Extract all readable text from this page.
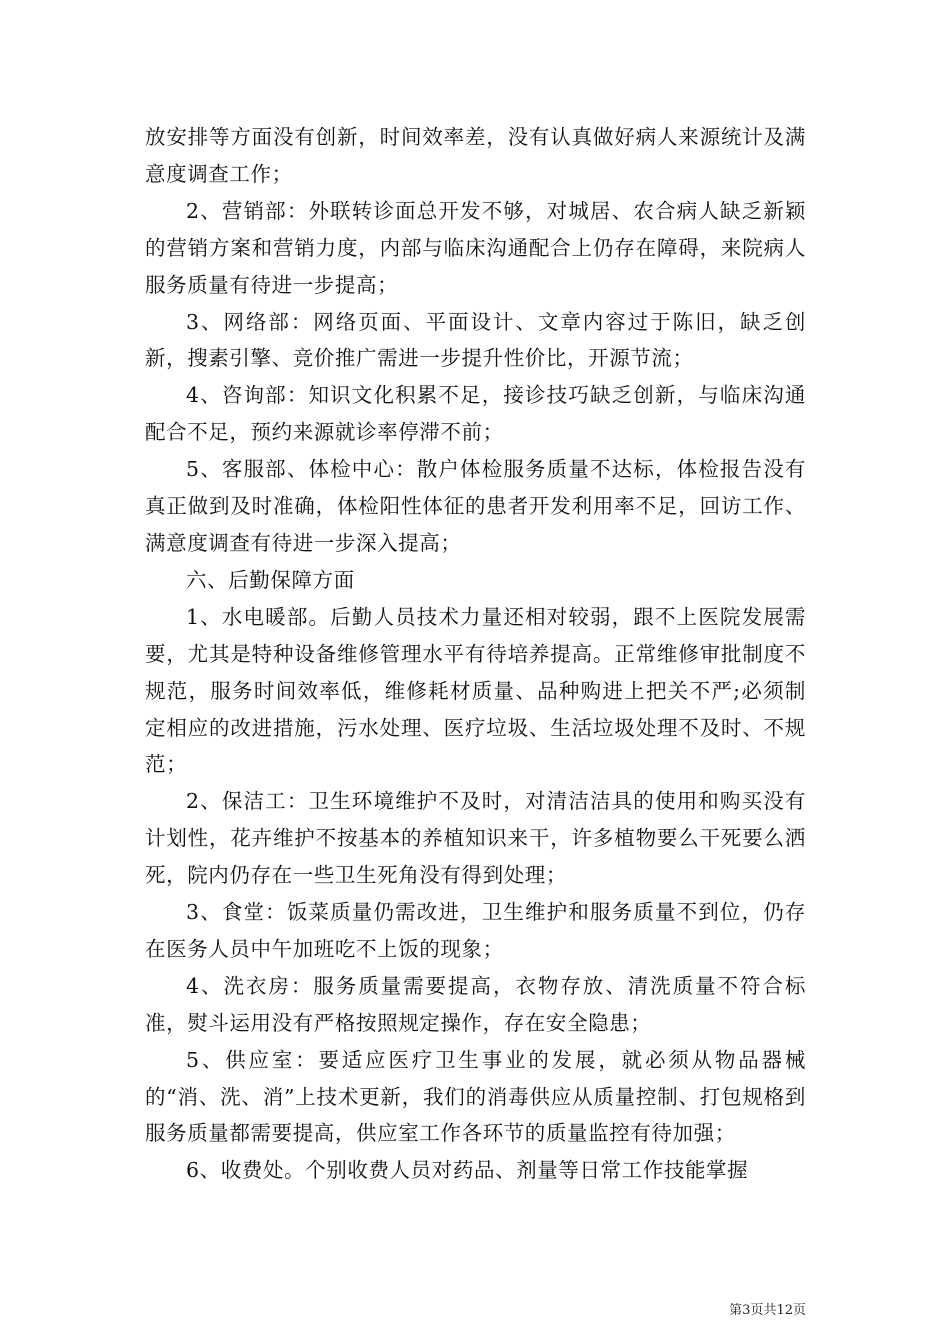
放安排等方面没有创新，时间效率差，没有认真做好病人来源统计及满意度调查工作；

2、营销部：外联转诊面总开发不够，对城居、农合病人缺乏新颖的营销方案和营销力度，内部与临床沟通配合上仍存在障碍，来院病人服务质量有待进一步提高；

3、网络部：网络页面、平面设计、文章内容过于陈旧，缺乏创新，搜素引擎、竞价推广需进一步提升性价比，开源节流；

4、咨询部：知识文化积累不足，接诊技巧缺乏创新，与临床沟通配合不足，预约来源就诊率停滞不前；

5、客服部、体检中心：散户体检服务质量不达标，体检报告没有真正做到及时准确，体检阳性体征的患者开发利用率不足，回访工作、满意度调查有待进一步深入提高；

六、后勤保障方面

1、水电暖部。后勤人员技术力量还相对较弱，跟不上医院发展需要，尤其是特种设备维修管理水平有待培养提高。正常维修审批制度不规范，服务时间效率低，维修耗材质量、品种购进上把关不严;必须制定相应的改进措施，污水处理、医疗垃圾、生活垃圾处理不及时、不规范；

2、保洁工：卫生环境维护不及时，对清洁洁具的使用和购买没有计划性，花卉维护不按基本的养植知识来干，许多植物要么干死要么洒死，院内仍存在一些卫生死角没有得到处理；

3、食堂：饭菜质量仍需改进，卫生维护和服务质量不到位，仍存在医务人员中午加班吃不上饭的现象；

4、洗衣房：服务质量需要提高，衣物存放、清洗质量不符合标准，熨斗运用没有严格按照规定操作，存在安全隐患；

5、供应室：要适应医疗卫生事业的发展，就必须从物品器械的“消、洗、消”上技术更新，我们的消毒供应从质量控制、打包规格到服务质量都需要提高，供应室工作各环节的质量监控有待加强；

6、收费处。个别收费人员对药品、剂量等日常工作技能掌握

第3页共12页
